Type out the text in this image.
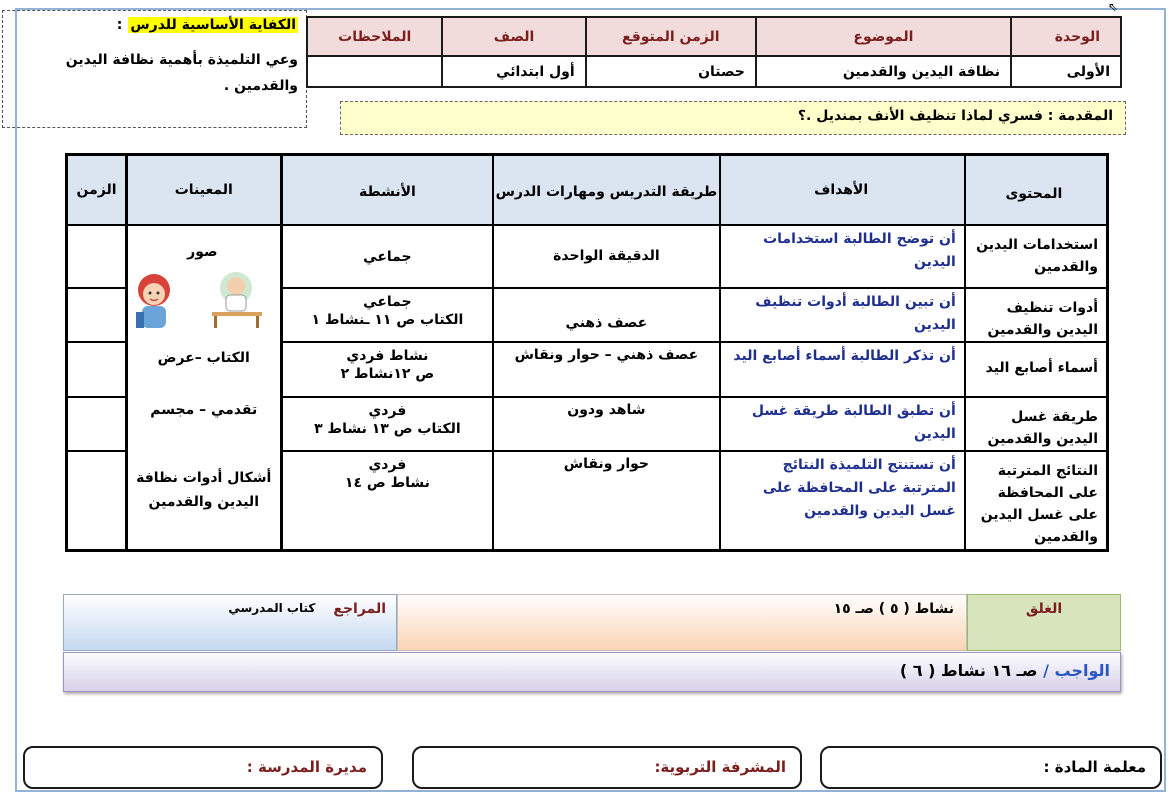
الكفاية الأساسية للدرس
:
وعي التلميذة بأهمية نظافة اليدين والقدمين .
الوحدة	الموضوع	الزمن المتوقع	الصف	الملاحظات
الأولى	نظافة اليدين والقدمين	حصتان	أول ابتدائي	
المقدمة : فسري لماذا تنظيف الأنف بمنديل .؟
المحتوى	الأهداف	طريقة التدريس ومهارات الدرس	الأنشطة	المعينات	الزمن
استخدامات اليدين والقدمين	أن توضح الطالبة استخدامات اليدين	الدقيقة الواحدة	جماعي	صور
الكتاب –عرض
تقدمي – مجسم
أشكال أدوات نظافة اليدين والقدمين	

أدوات تنظيف اليدين والقدمين	أن تبين الطالبة أدوات تنظيف اليدين	عصف ذهني	جماعي
الكتاب ص ١١ ـنشاط ١		
أسماء أصابع اليد	أن تذكر الطالبة أسماء أصابع اليد	عصف ذهني – حوار ونقاش	نشاط فردي
ص ١٢نشاط ٢		
طريقة غسل اليدين والقدمين	أن تطبق الطالبة طريقة غسل اليدين	شاهد ودون	فردي
الكتاب ص ١٣ نشاط ٣		
النتائج المترتبة على المحافظة على غسل اليدين والقدمين	أن تستنتج التلميذة النتائج المترتبة على المحافظة على غسل اليدين والقدمين	حوار ونقاش	فردي
نشاط ص ١٤		
الغلق
نشاط ( ٥ ) صـ ١٥
المراجع
كتاب المدرسي
الواجب / صـ ١٦ نشاط ( ٦ )
معلمة المادة :
المشرفة التربوية:
مديرة المدرسة :
⇖
